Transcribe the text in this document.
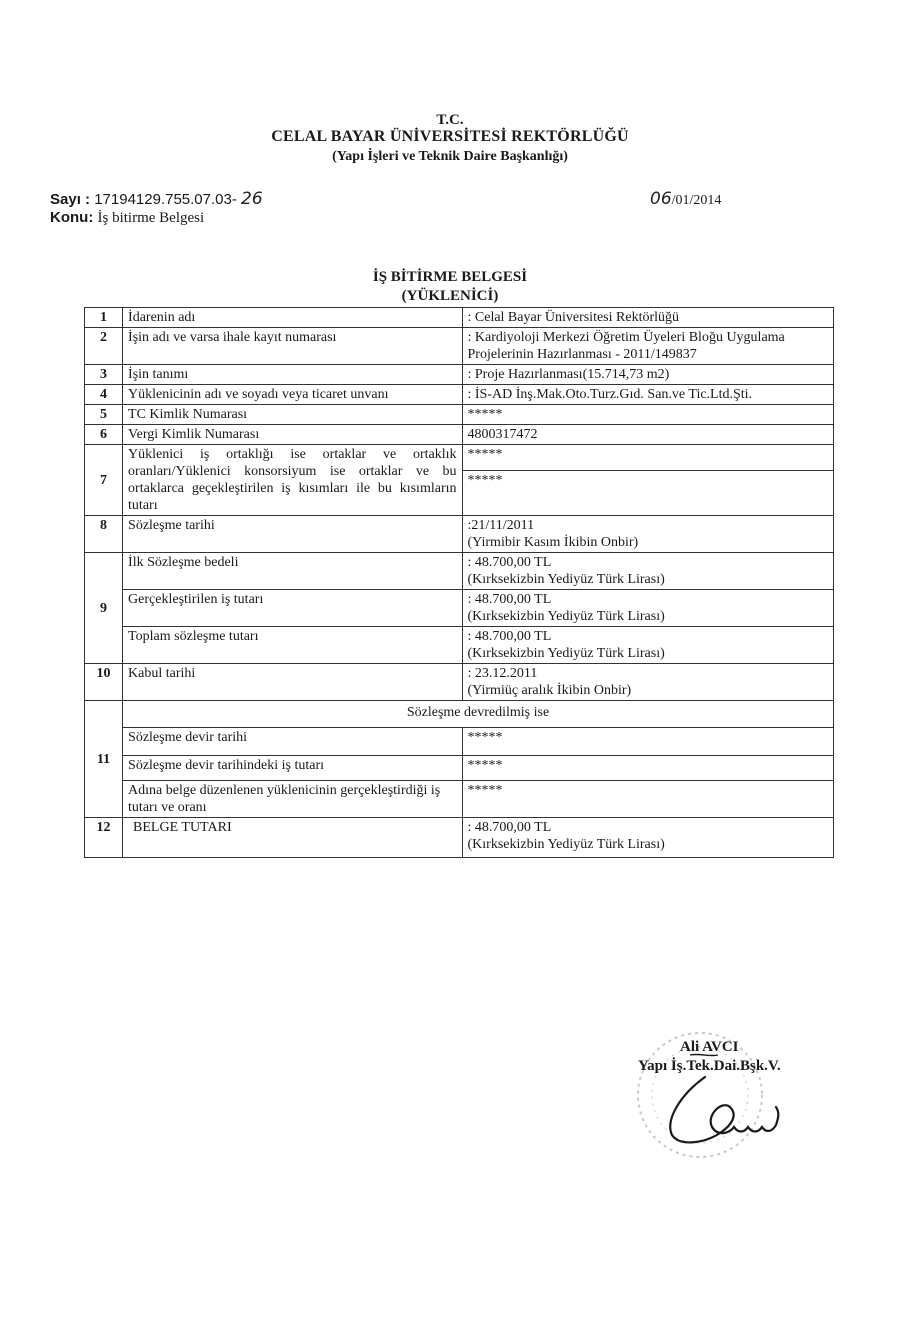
T.C.
CELAL BAYAR ÜNİVERSİTESİ REKTÖRLÜĞÜ
(Yapı İşleri ve Teknik Daire Başkanlığı)
Sayı : 17194129.755.07.03- 26
Konu: İş bitirme Belgesi
06/01/2014
İŞ BİTİRME BELGESİ
(YÜKLENİCİ)
1	İdarenin adı	: Celal Bayar Üniversitesi Rektörlüğü
2	İşin adı ve varsa ihale kayıt numarası	: Kardiyoloji Merkezi Öğretim Üyeleri Bloğu Uygulama Projelerinin Hazırlanması - 2011/149837
3	İşin tanımı	: Proje Hazırlanması(15.714,73 m2)
4	Yüklenicinin adı ve soyadı veya ticaret unvanı	: İS-AD İnş.Mak.Oto.Turz.Gıd. San.ve Tic.Ltd.Şti.
5	TC Kimlik Numarası	*****
6	Vergi Kimlik Numarası	4800317472
7	Yüklenici iş ortaklığı ise ortaklar ve ortaklık oranları/Yüklenici konsorsiyum ise ortaklar ve bu ortaklarca geçekleştirilen iş kısımları ile bu kısımların tutarı	*****
		*****
8	Sözleşme tarihi	:21/11/2011
(Yirmibir Kasım İkibin Onbir)

9	İlk Sözleşme bedeli	: 48.700,00 TL
(Kırksekizbin Yediyüz Türk Lirası)

	Gerçekleştirilen iş tutarı	: 48.700,00 TL
(Kırksekizbin Yediyüz Türk Lirası)

	Toplam sözleşme tutarı	: 48.700,00 TL
(Kırksekizbin Yediyüz Türk Lirası)

10	Kabul tarihi	: 23.12.2011
(Yirmiüç aralık İkibin Onbir)

11	Sözleşme devredilmiş ise	
	Sözleşme devir tarihi	*****
	Sözleşme devir tarihindeki iş tutarı	*****
	Adına belge düzenlenen yüklenicinin gerçekleştirdiği iş tutarı ve oranı	*****
12	BELGE TUTARI	: 48.700,00 TL
(Kırksekizbin Yediyüz Türk Lirası)
Ali AVCI
Yapı İş.Tek.Dai.Bşk.V.
